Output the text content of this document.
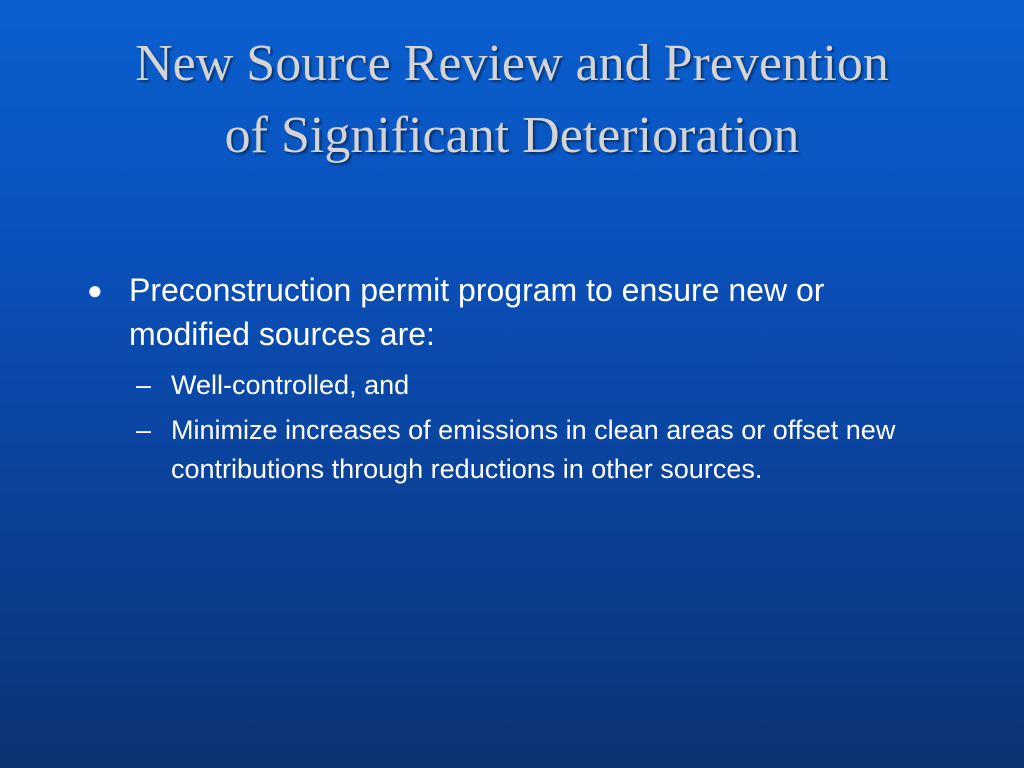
New Source Review and Prevention of Significant Deterioration
● Preconstruction permit program to ensure new or modified sources are:
– Well-controlled, and
– Minimize increases of emissions in clean areas or offset new contributions through reductions in other sources.
